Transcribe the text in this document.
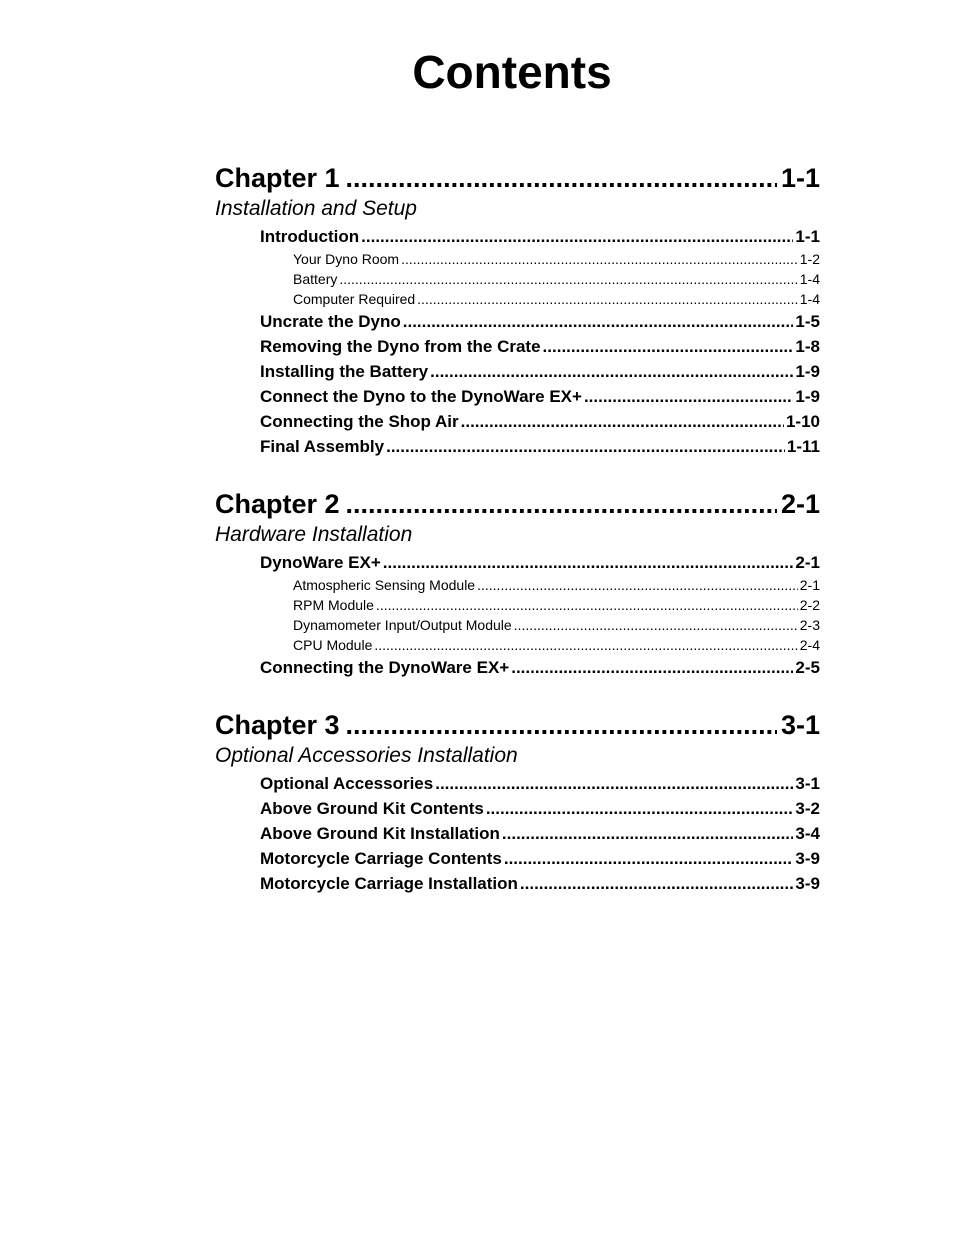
Contents
Chapter 1 .....	1-1
Installation and Setup
Introduction .....	1-1
Your Dyno Room .....	1-2
Battery .....	1-4
Computer Required .....	1-4
Uncrate the Dyno .....	1-5
Removing the Dyno from the Crate .....	1-8
Installing the Battery .....	1-9
Connect the Dyno to the DynoWare EX+ .....	1-9
Connecting the Shop Air .....	1-10
Final Assembly .....	1-11
Chapter 2 .....	2-1
Hardware Installation
DynoWare EX+ .....	2-1
Atmospheric Sensing Module .....	2-1
RPM Module .....	2-2
Dynamometer Input/Output Module .....	2-3
CPU Module .....	2-4
Connecting the DynoWare EX+ .....	2-5
Chapter 3 .....	3-1
Optional Accessories Installation
Optional Accessories .....	3-1
Above Ground Kit Contents .....	3-2
Above Ground Kit Installation .....	3-4
Motorcycle Carriage Contents .....	3-9
Motorcycle Carriage Installation .....	3-9
